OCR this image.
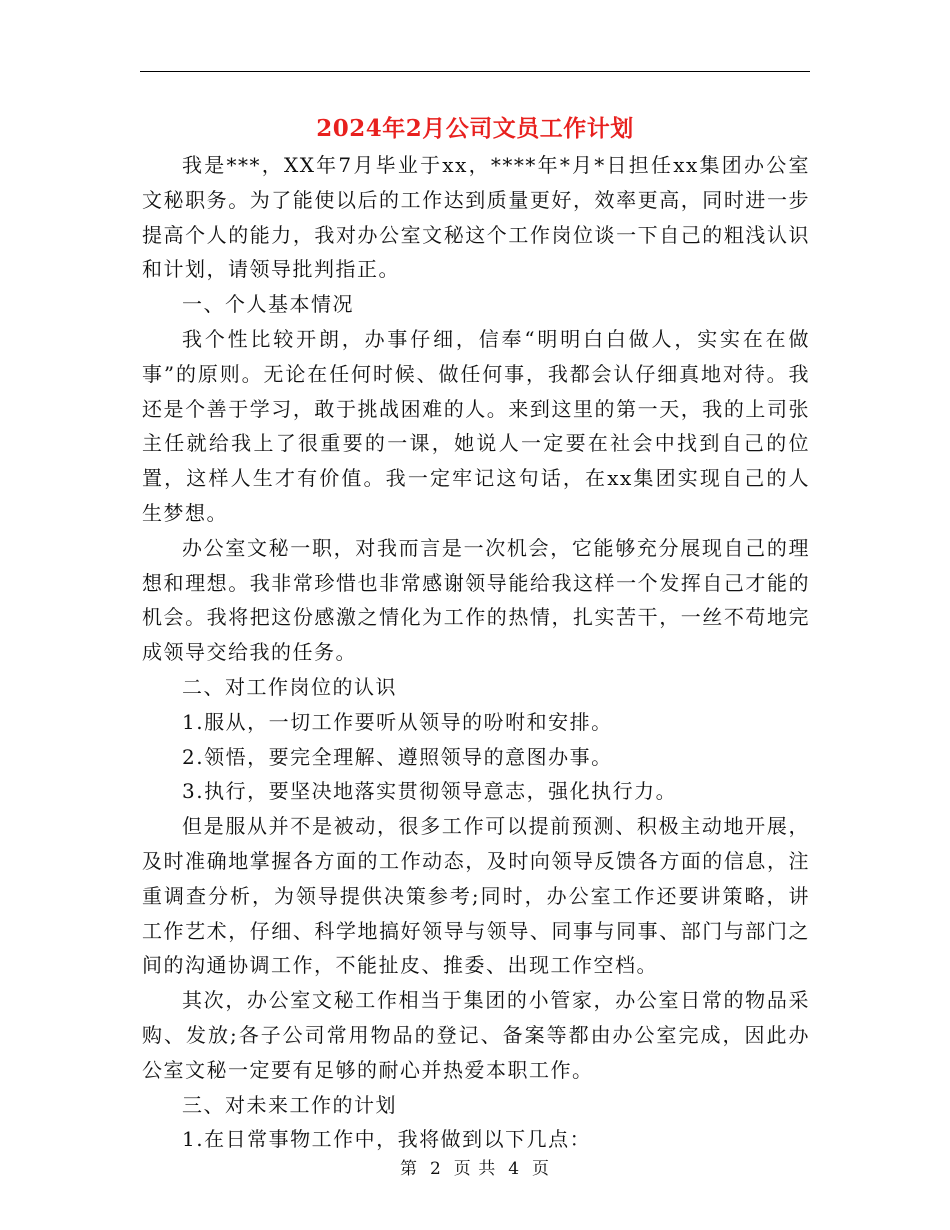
2024年2月公司文员工作计划

我是***，XX年7月毕业于xx，****年*月*日担任xx集团办公室文秘职务。为了能使以后的工作达到质量更好，效率更高，同时进一步提高个人的能力，我对办公室文秘这个工作岗位谈一下自己的粗浅认识和计划，请领导批判指正。

一、个人基本情况

我个性比较开朗，办事仔细，信奉“明明白白做人，实实在在做事”的原则。无论在任何时候、做任何事，我都会认仔细真地对待。我还是个善于学习，敢于挑战困难的人。来到这里的第一天，我的上司张主任就给我上了很重要的一课，她说人一定要在社会中找到自己的位置，这样人生才有价值。我一定牢记这句话，在xx集团实现自己的人生梦想。

办公室文秘一职，对我而言是一次机会，它能够充分展现自己的理想和理想。我非常珍惜也非常感谢领导能给我这样一个发挥自己才能的机会。我将把这份感激之情化为工作的热情，扎实苦干，一丝不苟地完成领导交给我的任务。

二、对工作岗位的认识

1.服从，一切工作要听从领导的吩咐和安排。

2.领悟，要完全理解、遵照领导的意图办事。

3.执行，要坚决地落实贯彻领导意志，强化执行力。

但是服从并不是被动，很多工作可以提前预测、积极主动地开展，及时准确地掌握各方面的工作动态，及时向领导反馈各方面的信息，注重调查分析，为领导提供决策参考;同时，办公室工作还要讲策略，讲工作艺术，仔细、科学地搞好领导与领导、同事与同事、部门与部门之间的沟通协调工作，不能扯皮、推委、出现工作空档。

其次，办公室文秘工作相当于集团的小管家，办公室日常的物品采购、发放;各子公司常用物品的登记、备案等都由办公室完成，因此办公室文秘一定要有足够的耐心并热爱本职工作。

三、对未来工作的计划

1.在日常事物工作中，我将做到以下几点：

第 2 页 共 4 页
